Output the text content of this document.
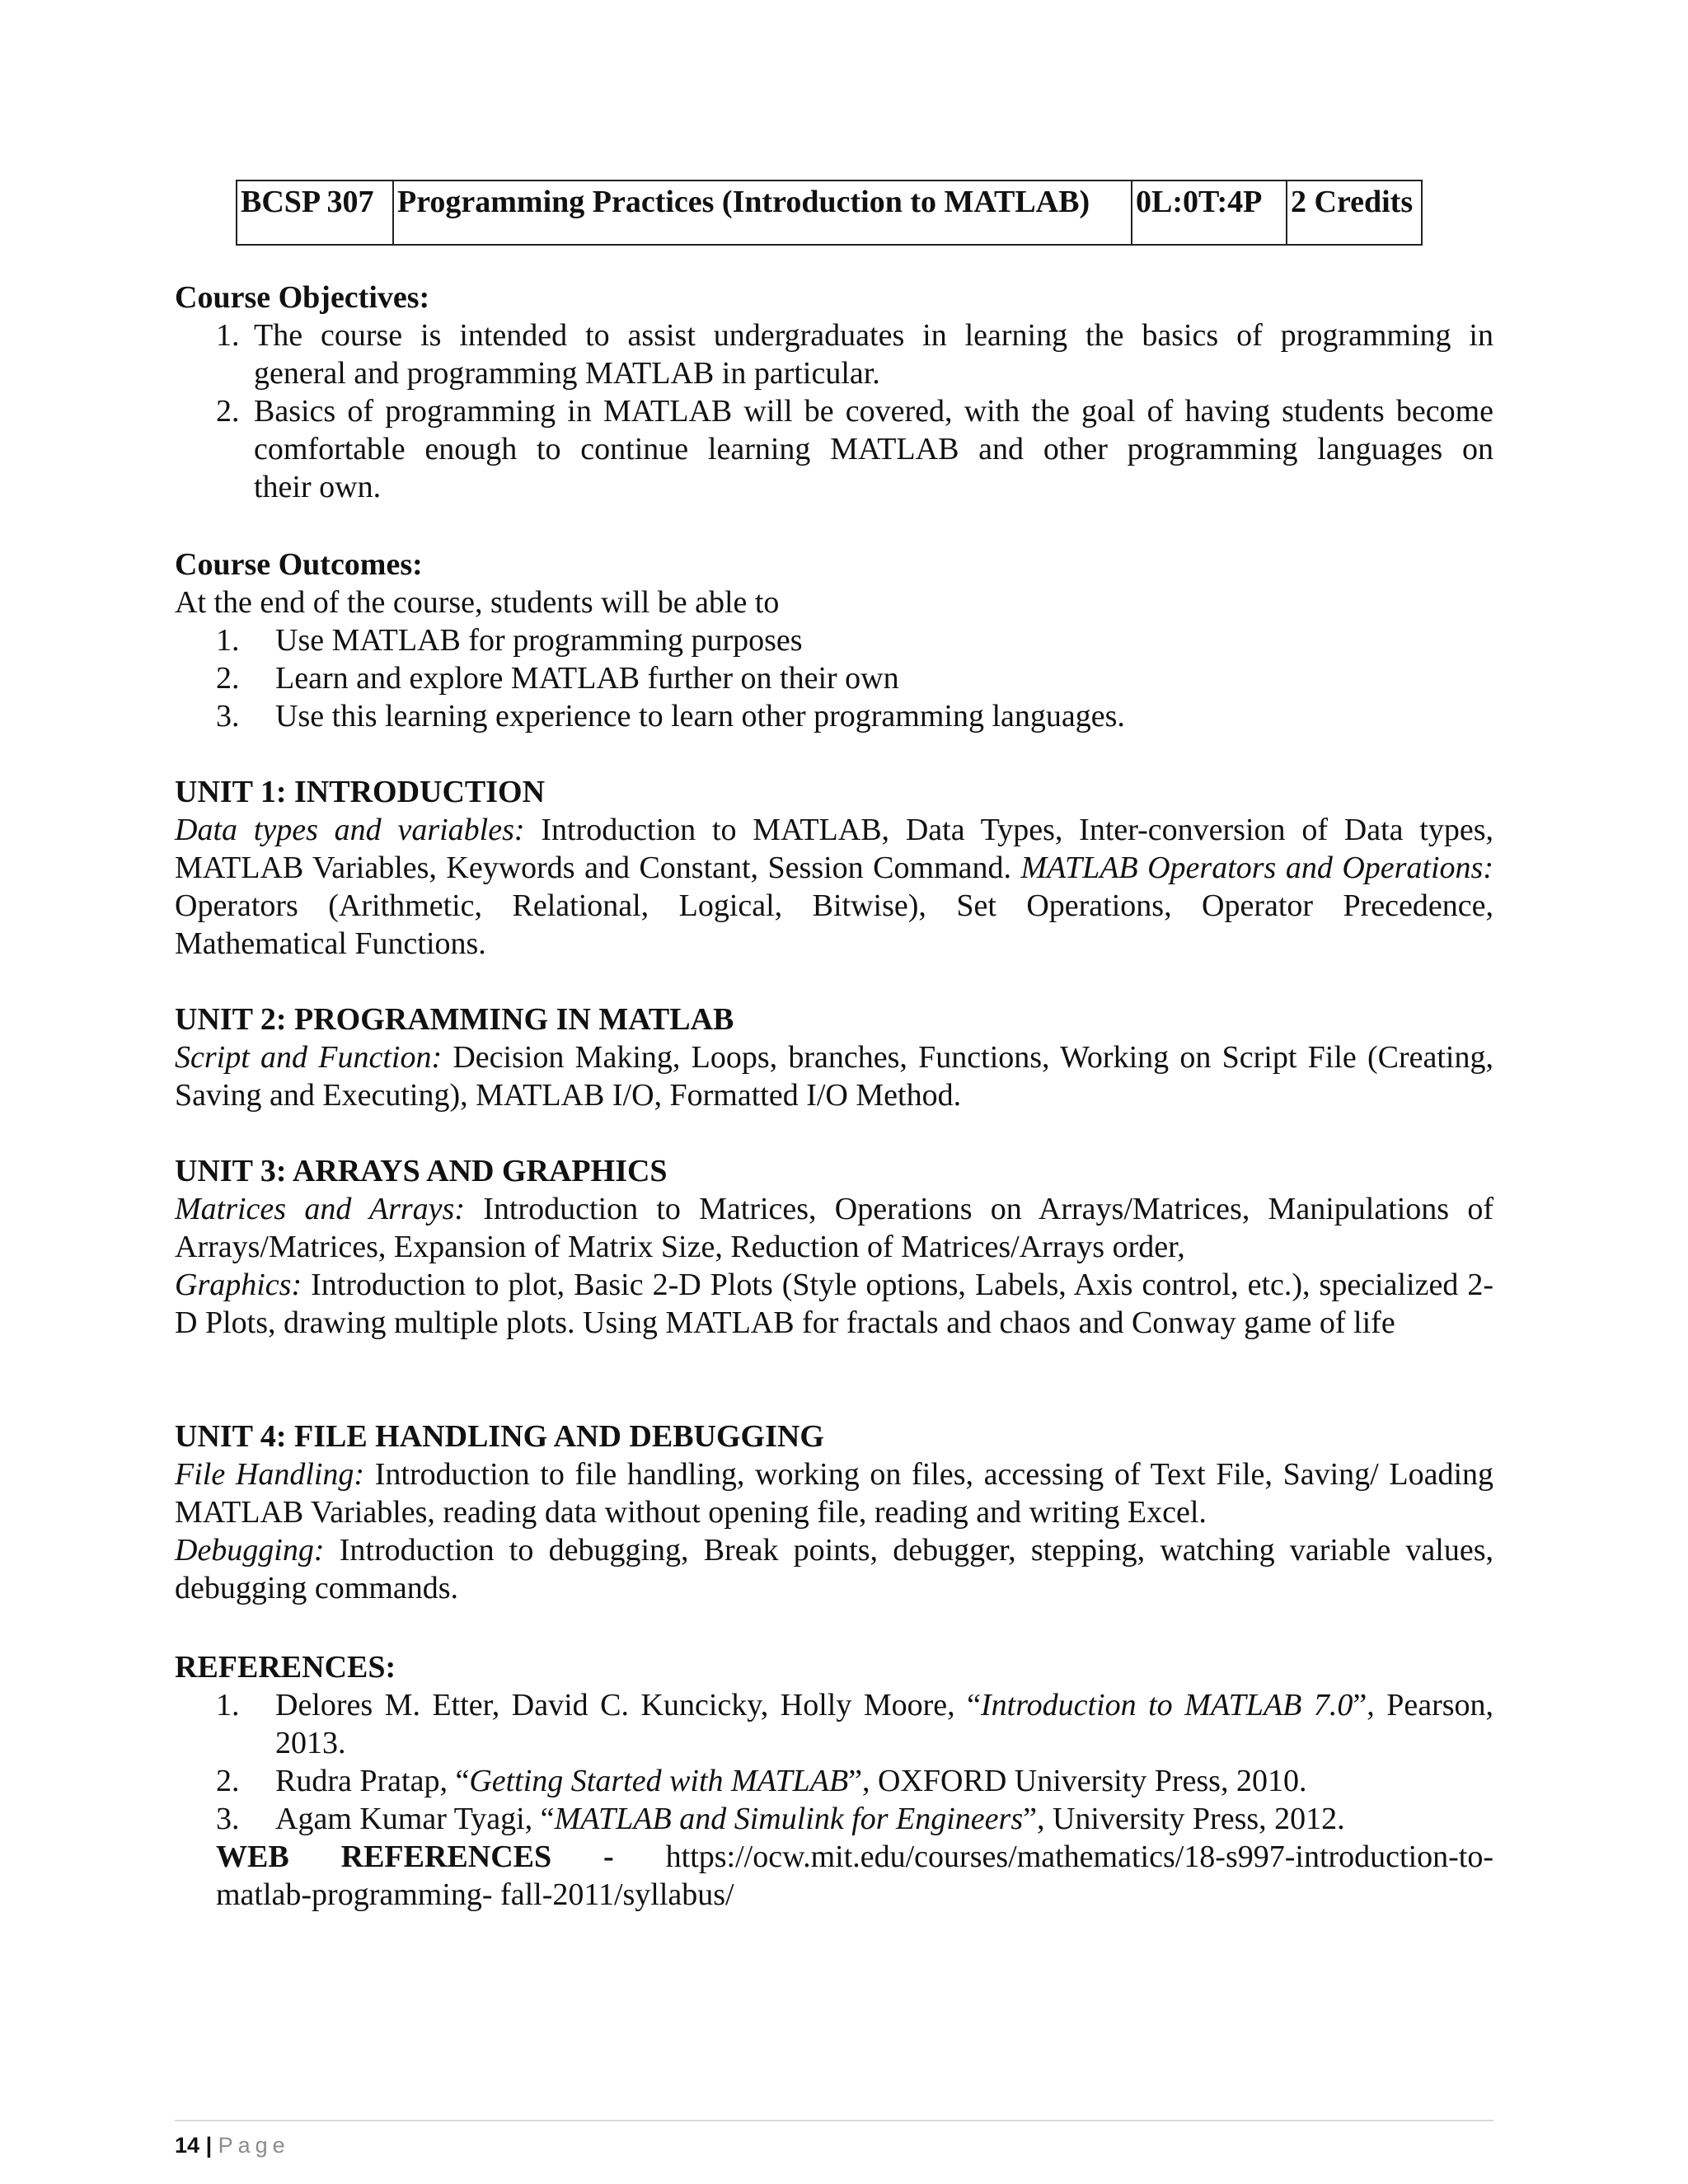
BCSP 307	Programming Practices (Introduction to MATLAB)	0L:0T:4P	2 Credits
Course Objectives:
1. The course is intended to assist undergraduates in learning the basics of programming in
general and programming MATLAB in particular.
2. Basics of programming in MATLAB will be covered, with the goal of having students become
comfortable enough to continue learning MATLAB and other programming languages on
their own.
Course Outcomes:
At the end of the course, students will be able to
1. Use MATLAB for programming purposes
2. Learn and explore MATLAB further on their own
3. Use this learning experience to learn other programming languages.
UNIT 1: INTRODUCTION
Data types and variables: Introduction to MATLAB, Data Types, Inter-conversion of Data types, MATLAB Variables, Keywords and Constant, Session Command. MATLAB Operators and Operations: Operators (Arithmetic, Relational, Logical, Bitwise), Set Operations, Operator Precedence, Mathematical Functions.
UNIT 2: PROGRAMMING IN MATLAB
Script and Function: Decision Making, Loops, branches, Functions, Working on Script File (Creating, Saving and Executing), MATLAB I/O, Formatted I/O Method.
UNIT 3: ARRAYS AND GRAPHICS
Matrices and Arrays: Introduction to Matrices, Operations on Arrays/Matrices, Manipulations of Arrays/Matrices, Expansion of Matrix Size, Reduction of Matrices/Arrays order,
Graphics: Introduction to plot, Basic 2-D Plots (Style options, Labels, Axis control, etc.), specialized 2-D Plots, drawing multiple plots. Using MATLAB for fractals and chaos and Conway game of life
UNIT 4: FILE HANDLING AND DEBUGGING
File Handling: Introduction to file handling, working on files, accessing of Text File, Saving/ Loading MATLAB Variables, reading data without opening file, reading and writing Excel.
Debugging: Introduction to debugging, Break points, debugger, stepping, watching variable values, debugging commands.
REFERENCES:
1. Delores M. Etter, David C. Kuncicky, Holly Moore, “Introduction to MATLAB 7.0”, Pearson, 2013.
2. Rudra Pratap, “Getting Started with MATLAB”, OXFORD University Press, 2010.
3. Agam Kumar Tyagi, “MATLAB and Simulink for Engineers”, University Press, 2012.
WEB REFERENCES - https://ocw.mit.edu/courses/mathematics/18-s997-introduction-to-
matlab-programming- fall-2011/syllabus/
14 | Page
